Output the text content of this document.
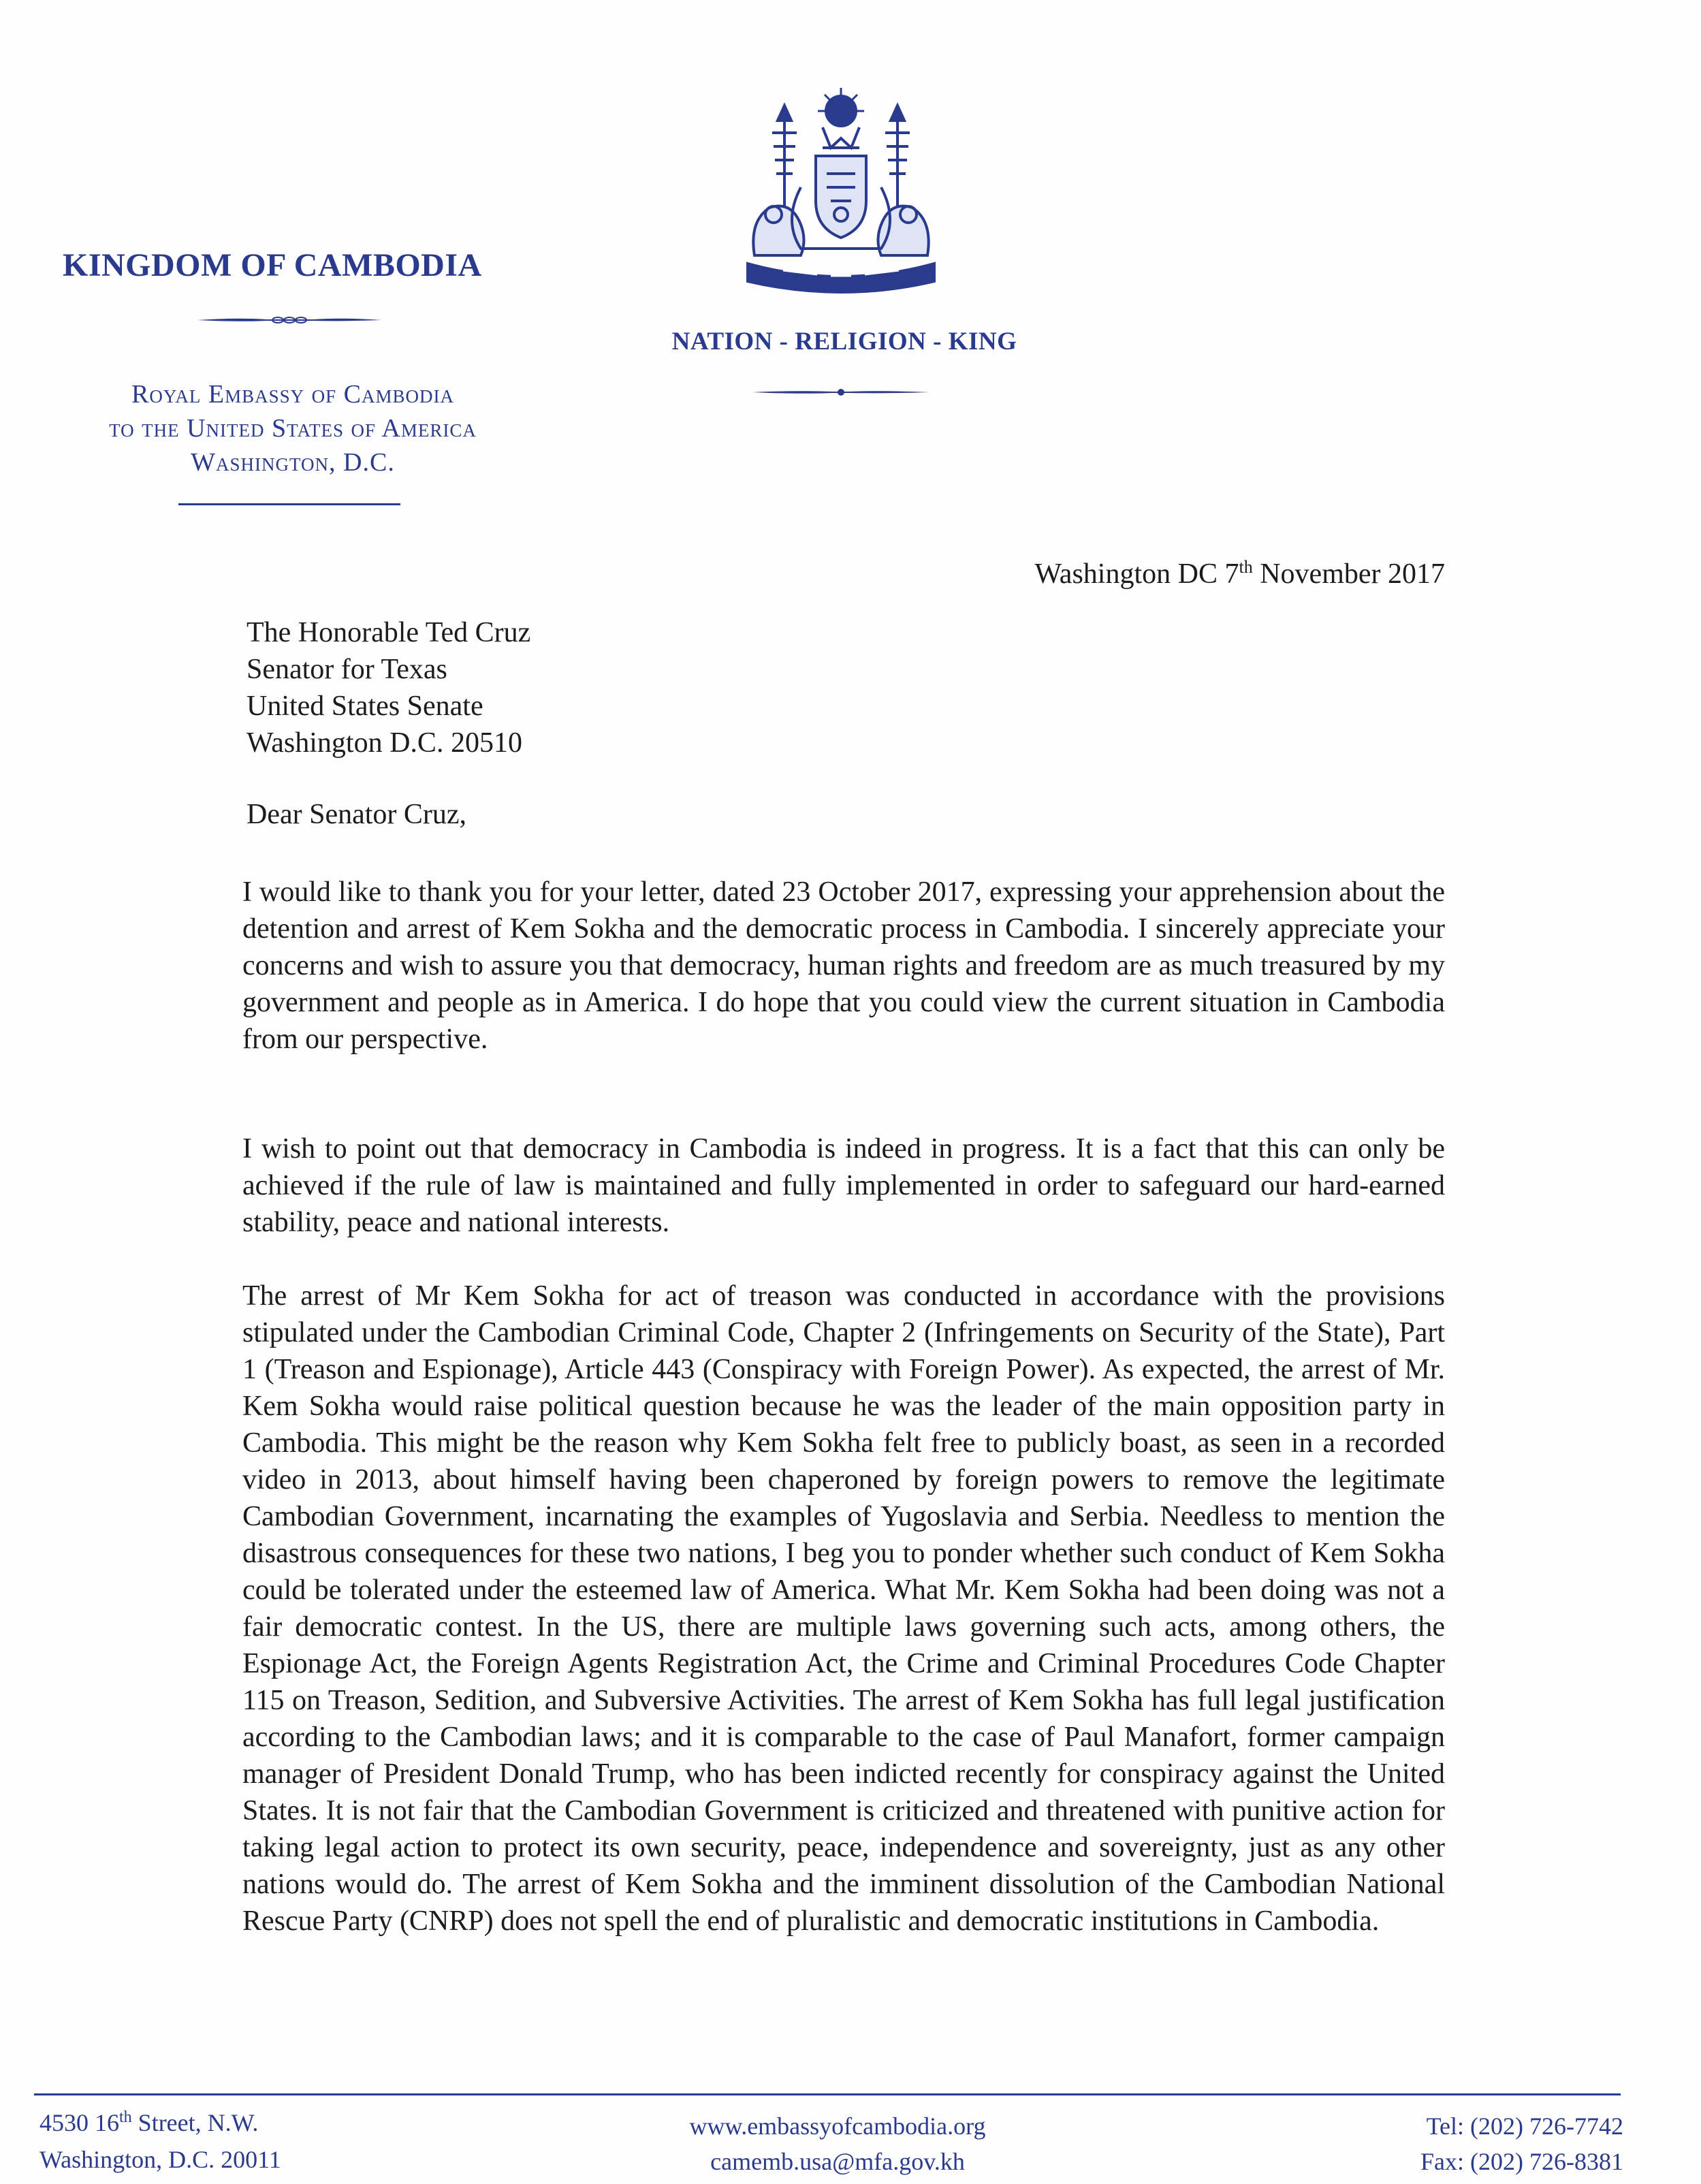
KINGDOM OF CAMBODIA
Royal Embassy of Cambodia
to the United States of America
Washington, D.C.
NATION - RELIGION - KING
Washington DC 7th November 2017
The Honorable Ted Cruz
Senator for Texas
United States Senate
Washington D.C. 20510
Dear Senator Cruz,
I would like to thank you for your letter, dated 23 October 2017, expressing your apprehension about the detention and arrest of Kem Sokha and the democratic process in Cambodia. I sincerely appreciate your concerns and wish to assure you that democracy, human rights and freedom are as much treasured by my government and people as in America. I do hope that you could view the current situation in Cambodia from our perspective.
I wish to point out that democracy in Cambodia is indeed in progress. It is a fact that this can only be achieved if the rule of law is maintained and fully implemented in order to safeguard our hard-earned stability, peace and national interests.
The arrest of Mr Kem Sokha for act of treason was conducted in accordance with the provisions stipulated under the Cambodian Criminal Code, Chapter 2 (Infringements on Security of the State), Part 1 (Treason and Espionage), Article 443 (Conspiracy with Foreign Power). As expected, the arrest of Mr. Kem Sokha would raise political question because he was the leader of the main opposition party in Cambodia. This might be the reason why Kem Sokha felt free to publicly boast, as seen in a recorded video in 2013, about himself having been chaperoned by foreign powers to remove the legitimate Cambodian Government, incarnating the examples of Yugoslavia and Serbia. Needless to mention the disastrous consequences for these two nations, I beg you to ponder whether such conduct of Kem Sokha could be tolerated under the esteemed law of America. What Mr. Kem Sokha had been doing was not a fair democratic contest. In the US, there are multiple laws governing such acts, among others, the Espionage Act, the Foreign Agents Registration Act, the Crime and Criminal Procedures Code Chapter 115 on Treason, Sedition, and Subversive Activities. The arrest of Kem Sokha has full legal justification according to the Cambodian laws; and it is comparable to the case of Paul Manafort, former campaign manager of President Donald Trump, who has been indicted recently for conspiracy against the United States. It is not fair that the Cambodian Government is criticized and threatened with punitive action for taking legal action to protect its own security, peace, independence and sovereignty, just as any other nations would do. The arrest of Kem Sokha and the imminent dissolution of the Cambodian National Rescue Party (CNRP) does not spell the end of pluralistic and democratic institutions in Cambodia.
4530 16th Street, N.W.
Washington, D.C. 20011
www.embassyofcambodia.org
camemb.usa@mfa.gov.kh
Tel: (202) 726-7742
Fax: (202) 726-8381
